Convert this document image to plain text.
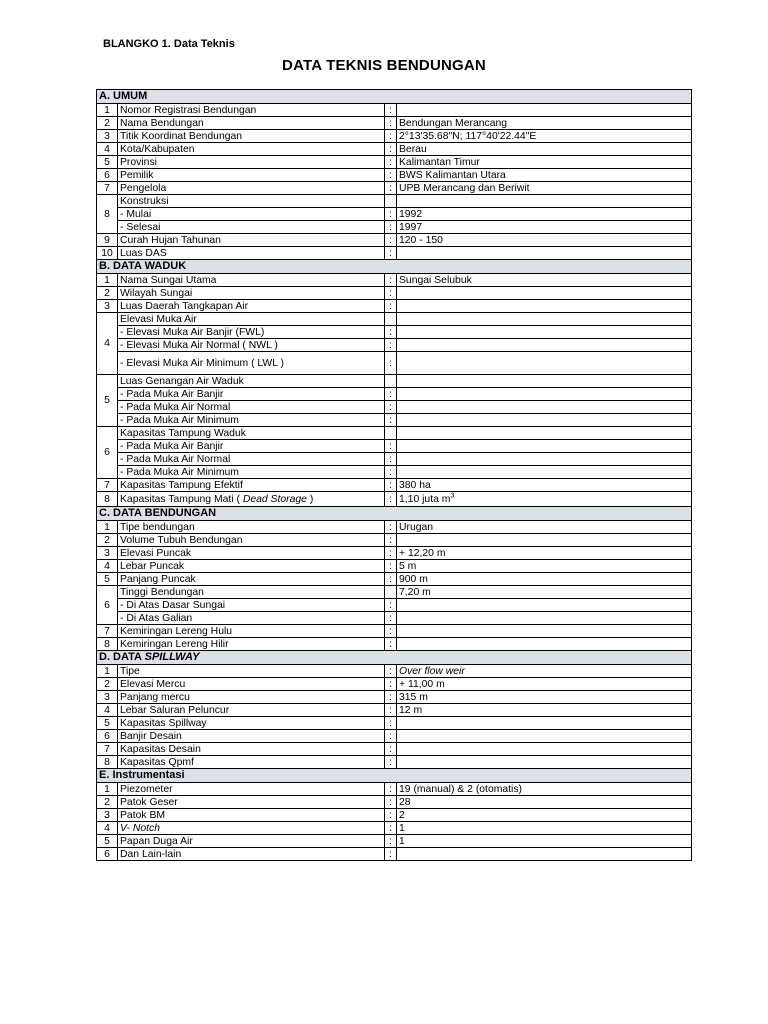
BLANGKO 1. Data Teknis
DATA TEKNIS BENDUNGAN
A. UMUM			
1	Nomor Registrasi Bendungan	:	
2	Nama Bendungan	:	Bendungan Merancang
3	Titik Koordinat Bendungan	:	2°13'35.68"N; 117°40'22.44"E
4	Kota/Kabupaten	:	Berau
5	Provinsi	:	Kalimantan Timur
6	Pemilik	:	BWS Kalimantan Utara
7	Pengelola	:	UPB Merancang dan Beriwit
8	Konstruksi		
	- Mulai	:	1992
	- Selesai	:	1997
9	Curah Hujan Tahunan	:	120 - 150
10	Luas DAS	:	
B. DATA WADUK			
1	Nama Sungai Utama	:	Sungai Selubuk
2	Wilayah Sungai	:	
3	Luas Daerah Tangkapan Air	:	
4	Elevasi Muka Air		
	- Elevasi Muka Air Banjir (FWL)	:	
	- Elevasi Muka Air Normal ( NWL )	:	
	- Elevasi Muka Air Minimum ( LWL )	:	
5	Luas Genangan Air Waduk		
	- Pada Muka Air Banjir	:	
	- Pada Muka Air Normal	:	
	- Pada Muka Air Minimum	:	
6	Kapasitas Tampung Waduk		
	- Pada Muka Air Banjir	:	
	- Pada Muka Air Normal	:	
	- Pada Muka Air Minimum	:	
7	Kapasitas Tampung Efektif	:	380 ha
8	Kapasitas Tampung Mati ( Dead Storage )	:	1,10 juta $m^3$
C. DATA BENDUNGAN			
1	Tipe bendungan	:	Urugan
2	Volume Tubuh Bendungan	:	
3	Elevasi Puncak	:	+ 12,20 m
4	Lebar Puncak	:	5 m
5	Panjang Puncak	:	900 m
6	Tinggi Bendungan		7,20 m
	- Di Atas Dasar Sungai	:	
	- Di Atas Galian	:	
7	Kemiringan Lereng Hulu	:	
8	Kemiringan Lereng Hilir	:	
D. DATA SPILLWAY			
1	Tipe	:	Over flow weir
2	Elevasi Mercu	:	+ 11,00 m
3	Panjang mercu	:	315 m
4	Lebar Saluran Peluncur	:	12 m
5	Kapasitas Spillway	:	
6	Banjir Desain	:	
7	Kapasitas Desain	:	
8	Kapasitas Qpmf	:	
E. Instrumentasi			
1	Piezometer	:	19 (manual) & 2 (otomatis)
2	Patok Geser	:	28
3	Patok BM	:	2
4	V- Notch	:	1
5	Papan Duga Air	:	1
6	Dan Lain-lain	:	
